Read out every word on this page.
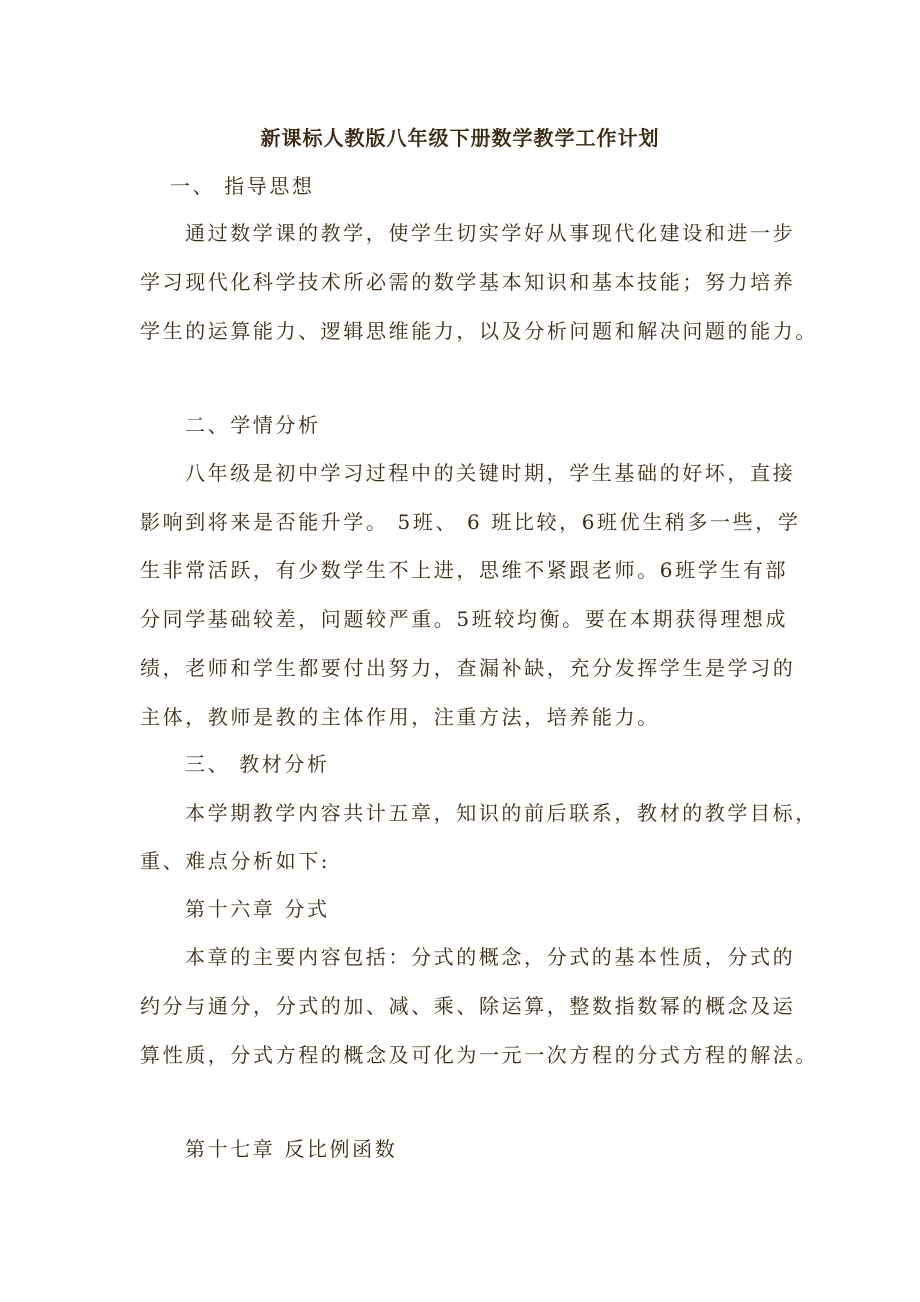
新课标人教版八年级下册数学教学工作计划
一、 指导思想
通过数学课的教学，使学生切实学好从事现代化建设和进一步
学习现代化科学技术所必需的数学基本知识和基本技能；努力培养
学生的运算能力、逻辑思维能力，以及分析问题和解决问题的能力。
二、学情分析
八年级是初中学习过程中的关键时期，学生基础的好坏，直接
影响到将来是否能升学。 5班、 6 班比较，6班优生稍多一些，学
生非常活跃，有少数学生不上进，思维不紧跟老师。6班学生有部
分同学基础较差，问题较严重。5班较均衡。要在本期获得理想成
绩，老师和学生都要付出努力，查漏补缺，充分发挥学生是学习的
主体，教师是教的主体作用，注重方法，培养能力。
三、 教材分析
本学期教学内容共计五章，知识的前后联系，教材的教学目标，
重、难点分析如下:
第十六章 分式
本章的主要内容包括：分式的概念，分式的基本性质，分式的
约分与通分，分式的加、减、乘、除运算，整数指数幂的概念及运
算性质，分式方程的概念及可化为一元一次方程的分式方程的解法。
第十七章 反比例函数
